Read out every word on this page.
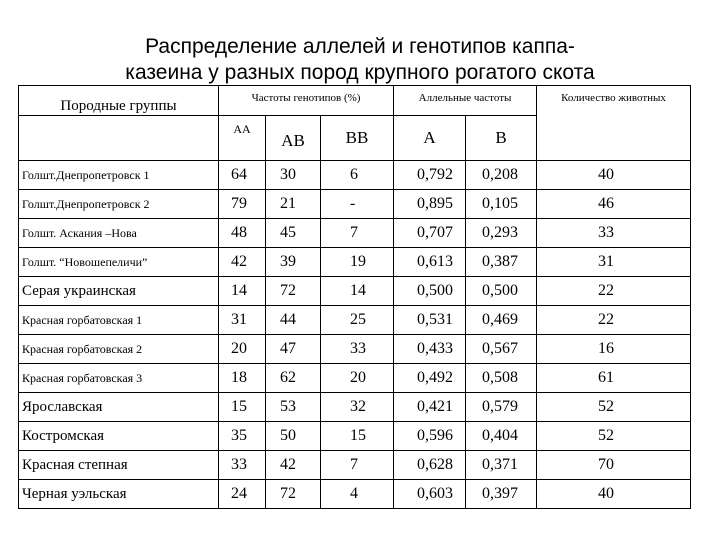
Распределение аллелей и генотипов каппа-
казеина у разных пород крупного рогатого скота
Породные группы	Частоты генотипов (%)			Аллельные частоты		Количество животных
	АА	АВ	ВВ	А	В	
Голшт.Днепропетровск 1	64	30	6	0,792	0,208	40
Голшт.Днепропетровск 2	79	21	-	0,895	0,105	46
Голшт. Аскания –Нова	48	45	7	0,707	0,293	33
Голшт. “Новошепеличи”	42	39	19	0,613	0,387	31
Серая украинская	14	72	14	0,500	0,500	22
Красная горбатовская 1	31	44	25	0,531	0,469	22
Красная горбатовская 2	20	47	33	0,433	0,567	16
Красная горбатовская 3	18	62	20	0,492	0,508	61
Ярославская	15	53	32	0,421	0,579	52
Костромская	35	50	15	0,596	0,404	52
Красная степная	33	42	7	0,628	0,371	70
Черная уэльская	24	72	4	0,603	0,397	40
